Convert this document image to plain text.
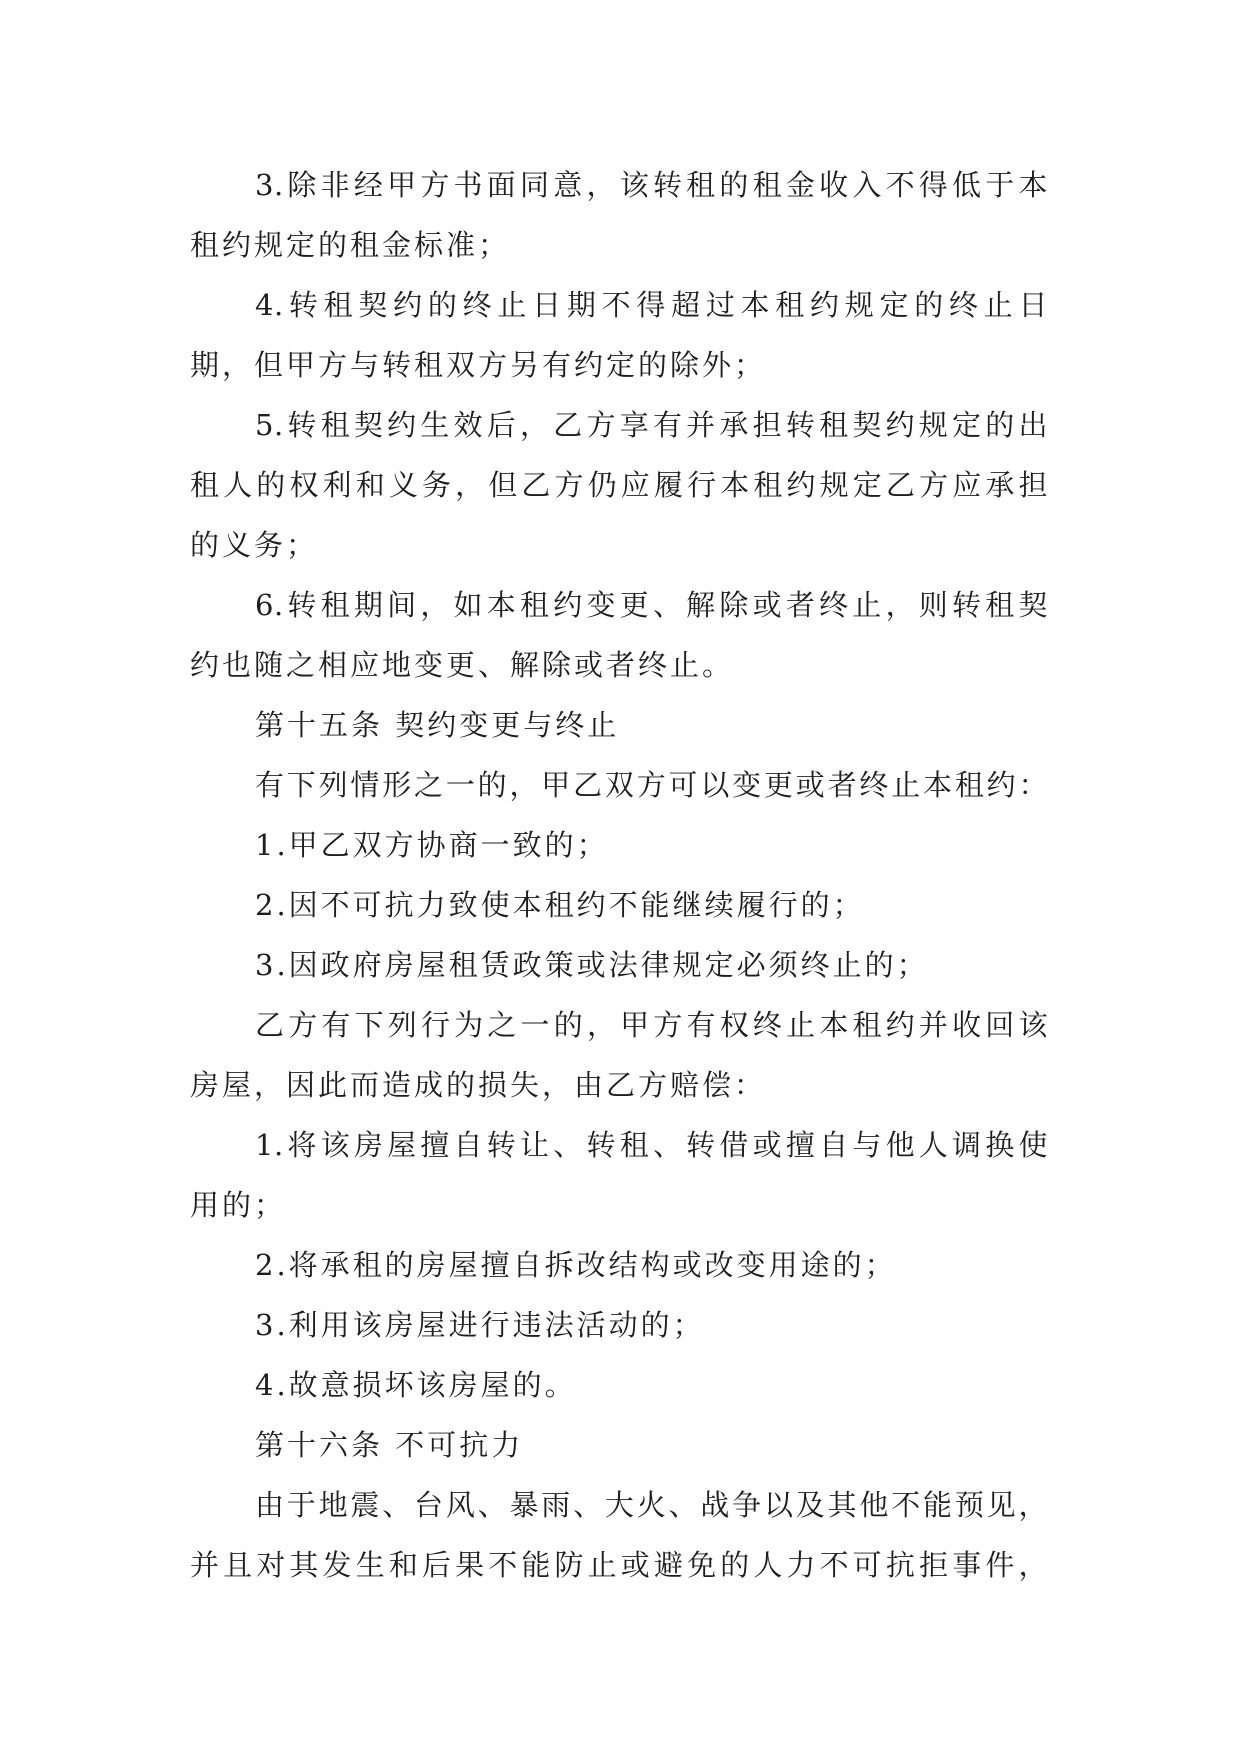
3.除非经甲方书面同意，该转租的租金收入不得低于本
租约规定的租金标准；
4.转租契约的终止日期不得超过本租约规定的终止日
期，但甲方与转租双方另有约定的除外；
5.转租契约生效后，乙方享有并承担转租契约规定的出
租人的权利和义务，但乙方仍应履行本租约规定乙方应承担
的义务；
6.转租期间，如本租约变更、解除或者终止，则转租契
约也随之相应地变更、解除或者终止。
第十五条 契约变更与终止
有下列情形之一的，甲乙双方可以变更或者终止本租约：
1.甲乙双方协商一致的；
2.因不可抗力致使本租约不能继续履行的；
3.因政府房屋租赁政策或法律规定必须终止的；
乙方有下列行为之一的，甲方有权终止本租约并收回该
房屋，因此而造成的损失，由乙方赔偿：
1.将该房屋擅自转让、转租、转借或擅自与他人调换使
用的；
2.将承租的房屋擅自拆改结构或改变用途的；
3.利用该房屋进行违法活动的；
4.故意损坏该房屋的。
第十六条 不可抗力
由于地震、台风、暴雨、大火、战争以及其他不能预见，
并且对其发生和后果不能防止或避免的人力不可抗拒事件，
